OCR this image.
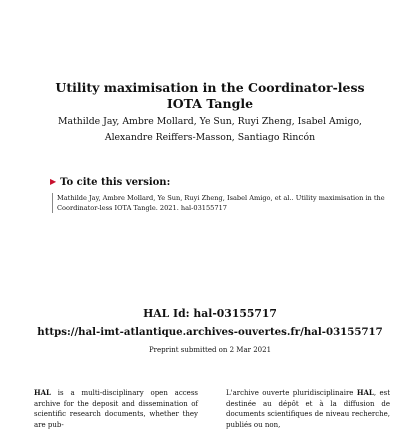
Utility maximisation in the Coordinator-less IOTA Tangle

Mathilde Jay, Ambre Mollard, Ye Sun, Ruyi Zheng, Isabel Amigo, Alexandre Reiffers-Masson, Santiago Rincón

▶ To cite this version:
Mathilde Jay, Ambre Mollard, Ye Sun, Ruyi Zheng, Isabel Amigo, et al.. Utility maximisation in the Coordinator-less IOTA Tangle. 2021. hal-03155717

HAL Id: hal-03155717

https://hal-imt-atlantique.archives-ouvertes.fr/hal-03155717

Preprint submitted on 2 Mar 2021

HAL is a multi-disciplinary open access archive for the deposit and dissemination of scientific research documents, whether they are pub-
L'archive ouverte pluridisciplinaire HAL, est destinée au dépôt et à la diffusion de documents scientifiques de niveau recherche, publiés ou non,
